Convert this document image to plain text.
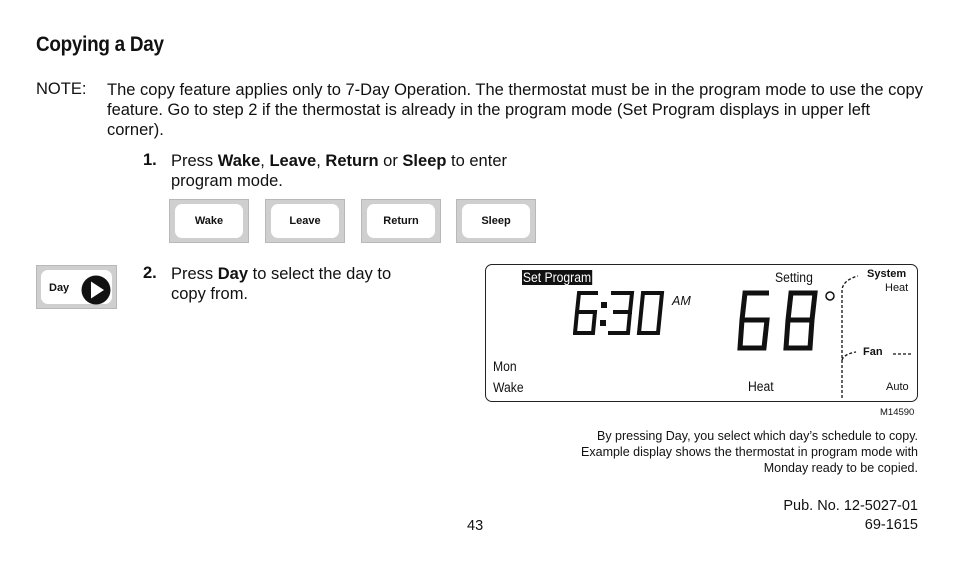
Copying a Day
NOTE: The copy feature applies only to 7-Day Operation. The thermostat must be in the program mode to use the copy feature. Go to step 2 if the thermostat is already in the program mode (Set Program displays in upper left corner).
1. Press Wake, Leave, Return or Sleep to enter program mode.
Wake	Leave	Return	Sleep
Day
2. Press Day to select the day to copy from.
Set Program	Setting
AM
System
Heat
Fan
Auto
Mon
Wake	Heat
M14590
By pressing Day, you select which day’s schedule to copy.
Example display shows the thermostat in program mode with
Monday ready to be copied.
43
Pub. No. 12-5027-01
69-1615
